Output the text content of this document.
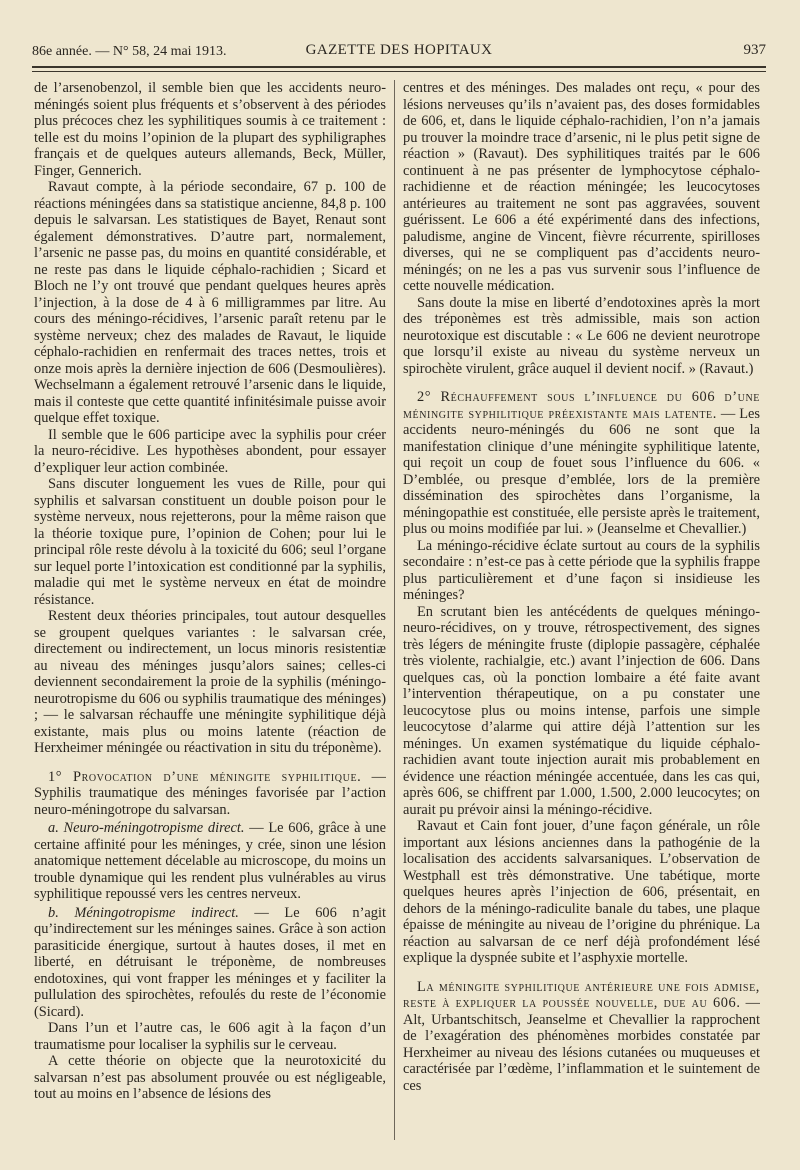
86e année. — N° 58, 24 mai 1913.	GAZETTE DES HOPITAUX	937

de l’arsenobenzol, il semble bien que les accidents neuro-méningés soient plus fréquents et s’observent à des périodes plus précoces chez les syphilitiques soumis à ce traitement : telle est du moins l’opinion de la plupart des syphiligraphes français et de quelques auteurs allemands, Beck, Müller, Finger, Gennerich.

Ravaut compte, à la période secondaire, 67 p. 100 de réactions méningées dans sa statistique ancienne, 84,8 p. 100 depuis le salvarsan. Les statistiques de Bayet, Renaut sont également démonstratives. D’autre part, normalement, l’arsenic ne passe pas, du moins en quantité considérable, et ne reste pas dans le liquide céphalo-rachidien ; Sicard et Bloch ne l’y ont trouvé que pendant quelques heures après l’injection, à la dose de 4 à 6 milligrammes par litre. Au cours des méningo-récidives, l’arsenic paraît retenu par le système nerveux; chez des malades de Ravaut, le liquide céphalo-rachidien en renfermait des traces nettes, trois et onze mois après la dernière injection de 606 (Desmoulières). Wechselmann a également retrouvé l’arsenic dans le liquide, mais il conteste que cette quantité infinitésimale puisse avoir quelque effet toxique.

Il semble que le 606 participe avec la syphilis pour créer la neuro-récidive. Les hypothèses abondent, pour essayer d’expliquer leur action combinée.

Sans discuter longuement les vues de Rille, pour qui syphilis et salvarsan constituent un double poison pour le système nerveux, nous rejetterons, pour la même raison que la théorie toxique pure, l’opinion de Cohen; pour lui le principal rôle reste dévolu à la toxicité du 606; seul l’organe sur lequel porte l’intoxication est conditionné par la syphilis, maladie qui met le système nerveux en état de moindre résistance.

Restent deux théories principales, tout autour desquelles se groupent quelques variantes : le salvarsan crée, directement ou indirectement, un locus minoris resistentiæ au niveau des méninges jusqu’alors saines; celles-ci deviennent secondairement la proie de la syphilis (méningo-neurotropisme du 606 ou syphilis traumatique des méninges) ; — le salvarsan réchauffe une méningite syphilitique déjà existante, mais plus ou moins latente (réaction de Herxheimer méningée ou réactivation in situ du tréponème).

1° Provocation d’une méningite syphilitique. — Syphilis traumatique des méninges favorisée par l’action neuro-méningotrope du salvarsan.

a. Neuro-méningotropisme direct. — Le 606, grâce à une certaine affinité pour les méninges, y crée, sinon une lésion anatomique nettement décelable au microscope, du moins un trouble dynamique qui les rendent plus vulnérables au virus syphilitique repoussé vers les centres nerveux.

b. Méningotropisme indirect. — Le 606 n’agit qu’indirectement sur les méninges saines. Grâce à son action parasiticide énergique, surtout à hautes doses, il met en liberté, en détruisant le tréponème, de nombreuses endotoxines, qui vont frapper les méninges et y faciliter la pullulation des spirochètes, refoulés du reste de l’économie (Sicard).

Dans l’un et l’autre cas, le 606 agit à la façon d’un traumatisme pour localiser la syphilis sur le cerveau.

A cette théorie on objecte que la neurotoxicité du salvarsan n’est pas absolument prouvée ou est négligeable, tout au moins en l’absence de lésions des

centres et des méninges. Des malades ont reçu, « pour des lésions nerveuses qu’ils n’avaient pas, des doses formidables de 606, et, dans le liquide céphalo-rachidien, l’on n’a jamais pu trouver la moindre trace d’arsenic, ni le plus petit signe de réaction » (Ravaut). Des syphilitiques traités par le 606 continuent à ne pas présenter de lymphocytose céphalo-rachidienne et de réaction méningée; les leucocytoses antérieures au traitement ne sont pas aggravées, souvent guérissent. Le 606 a été expérimenté dans des infections, paludisme, angine de Vincent, fièvre récurrente, spirilloses diverses, qui ne se compliquent pas d’accidents neuro-méningés; on ne les a pas vus survenir sous l’influence de cette nouvelle médication.

Sans doute la mise en liberté d’endotoxines après la mort des tréponèmes est très admissible, mais son action neurotoxique est discutable : « Le 606 ne devient neurotrope que lorsqu’il existe au niveau du système nerveux un spirochète virulent, grâce auquel il devient nocif. » (Ravaut.)

2° Réchauffement sous l’influence du 606 d’une méningite syphilitique préexistante mais latente. — Les accidents neuro-méningés du 606 ne sont que la manifestation clinique d’une méningite syphilitique latente, qui reçoit un coup de fouet sous l’influence du 606. « D’emblée, ou presque d’emblée, lors de la première dissémination des spirochètes dans l’organisme, la méningopathie est constituée, elle persiste après le traitement, plus ou moins modifiée par lui. » (Jeanselme et Chevallier.)

La méningo-récidive éclate surtout au cours de la syphilis secondaire : n’est-ce pas à cette période que la syphilis frappe plus particulièrement et d’une façon si insidieuse les méninges?

En scrutant bien les antécédents de quelques méningo-neuro-récidives, on y trouve, rétrospectivement, des signes très légers de méningite fruste (diplopie passagère, céphalée très violente, rachialgie, etc.) avant l’injection de 606. Dans quelques cas, où la ponction lombaire a été faite avant l’intervention thérapeutique, on a pu constater une leucocytose plus ou moins intense, parfois une simple leucocytose d’alarme qui attire déjà l’attention sur les méninges. Un examen systématique du liquide céphalo-rachidien avant toute injection aurait mis probablement en évidence une réaction méningée accentuée, dans les cas qui, après 606, se chiffrent par 1.000, 1.500, 2.000 leucocytes; on aurait pu prévoir ainsi la méningo-récidive.

Ravaut et Cain font jouer, d’une façon générale, un rôle important aux lésions anciennes dans la pathogénie de la localisation des accidents salvarsaniques. L’observation de Westphall est très démonstrative. Une tabétique, morte quelques heures après l’injection de 606, présentait, en dehors de la méningo-radiculite banale du tabes, une plaque épaisse de méningite au niveau de l’origine du phrénique. La réaction au salvarsan de ce nerf déjà profondément lésé explique la dyspnée subite et l’asphyxie mortelle.

La méningite syphilitique antérieure une fois admise, reste à expliquer la poussée nouvelle, due au 606. — Alt, Urbantschitsch, Jeanselme et Chevallier la rapprochent de l’exagération des phénomènes morbides constatée par Herxheimer au niveau des lésions cutanées ou muqueuses et caractérisée par l’œdème, l’inflammation et le suintement de ces
